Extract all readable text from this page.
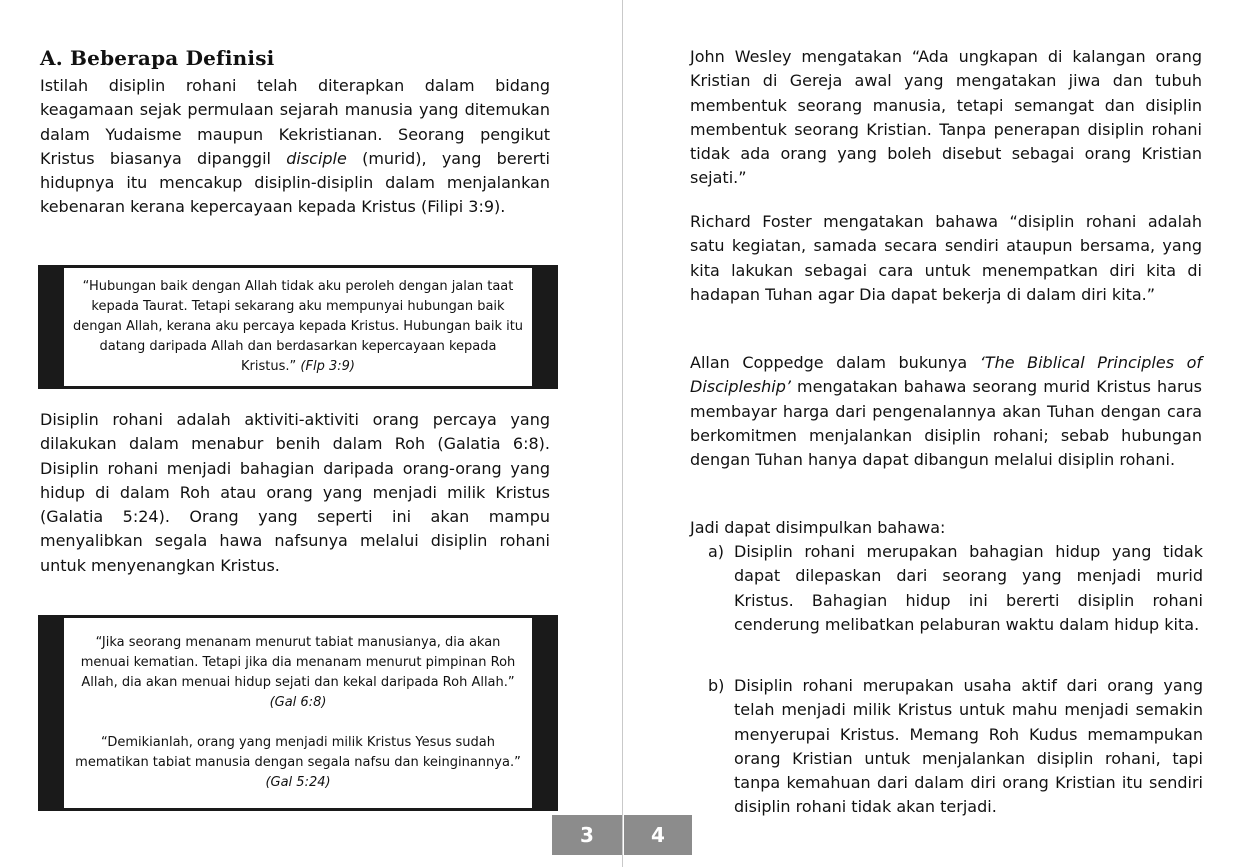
A. Beberapa Definisi

Istilah disiplin rohani telah diterapkan dalam bidang keagamaan sejak permulaan sejarah manusia yang ditemukan dalam Yudaisme maupun Kekristianan. Seorang pengikut Kristus biasanya dipanggil disciple (murid), yang bererti hidupnya itu mencakup disiplin-disiplin dalam menjalankan kebenaran kerana kepercayaan kepada Kristus (Filipi 3:9).

“Hubungan baik dengan Allah tidak aku peroleh dengan jalan taat kepada Taurat. Tetapi sekarang aku mempunyai hubungan baik dengan Allah, kerana aku percaya kepada Kristus. Hubungan baik itu datang daripada Allah dan berdasarkan kepercayaan kepada Kristus.” (Flp 3:9)

Disiplin rohani adalah aktiviti-aktiviti orang percaya yang dilakukan dalam menabur benih dalam Roh (Galatia 6:8). Disiplin rohani menjadi bahagian daripada orang-orang yang hidup di dalam Roh atau orang yang menjadi milik Kristus (Galatia 5:24). Orang yang seperti ini akan mampu menyalibkan segala hawa nafsunya melalui disiplin rohani untuk menyenangkan Kristus.

“Jika seorang menanam menurut tabiat manusianya, dia akan menuai kematian. Tetapi jika dia menanam menurut pimpinan Roh Allah, dia akan menuai hidup sejati dan kekal daripada Roh Allah.” (Gal 6:8)

“Demikianlah, orang yang menjadi milik Kristus Yesus sudah mematikan tabiat manusia dengan segala nafsu dan keinginannya.” (Gal 5:24)

3

John Wesley mengatakan “Ada ungkapan di kalangan orang Kristian di Gereja awal yang mengatakan jiwa dan tubuh membentuk seorang manusia, tetapi semangat dan disiplin membentuk seorang Kristian. Tanpa penerapan disiplin rohani tidak ada orang yang boleh disebut sebagai orang Kristian sejati.”

Richard Foster mengatakan bahawa “disiplin rohani adalah satu kegiatan, samada secara sendiri ataupun bersama, yang kita lakukan sebagai cara untuk menempatkan diri kita di hadapan Tuhan agar Dia dapat bekerja di dalam diri kita.”

Allan Coppedge dalam bukunya ‘The Biblical Principles of Discipleship’ mengatakan bahawa seorang murid Kristus harus membayar harga dari pengenalannya akan Tuhan dengan cara berkomitmen menjalankan disiplin rohani; sebab hubungan dengan Tuhan hanya dapat dibangun melalui disiplin rohani.

Jadi dapat disimpulkan bahawa:

a) Disiplin rohani merupakan bahagian hidup yang tidak dapat dilepaskan dari seorang yang menjadi murid Kristus. Bahagian hidup ini bererti disiplin rohani cenderung melibatkan pelaburan waktu dalam hidup kita.

b) Disiplin rohani merupakan usaha aktif dari orang yang telah menjadi milik Kristus untuk mahu menjadi semakin menyerupai Kristus. Memang Roh Kudus memampukan orang Kristian untuk menjalankan disiplin rohani, tapi tanpa kemahuan dari dalam diri orang Kristian itu sendiri disiplin rohani tidak akan terjadi.

4
